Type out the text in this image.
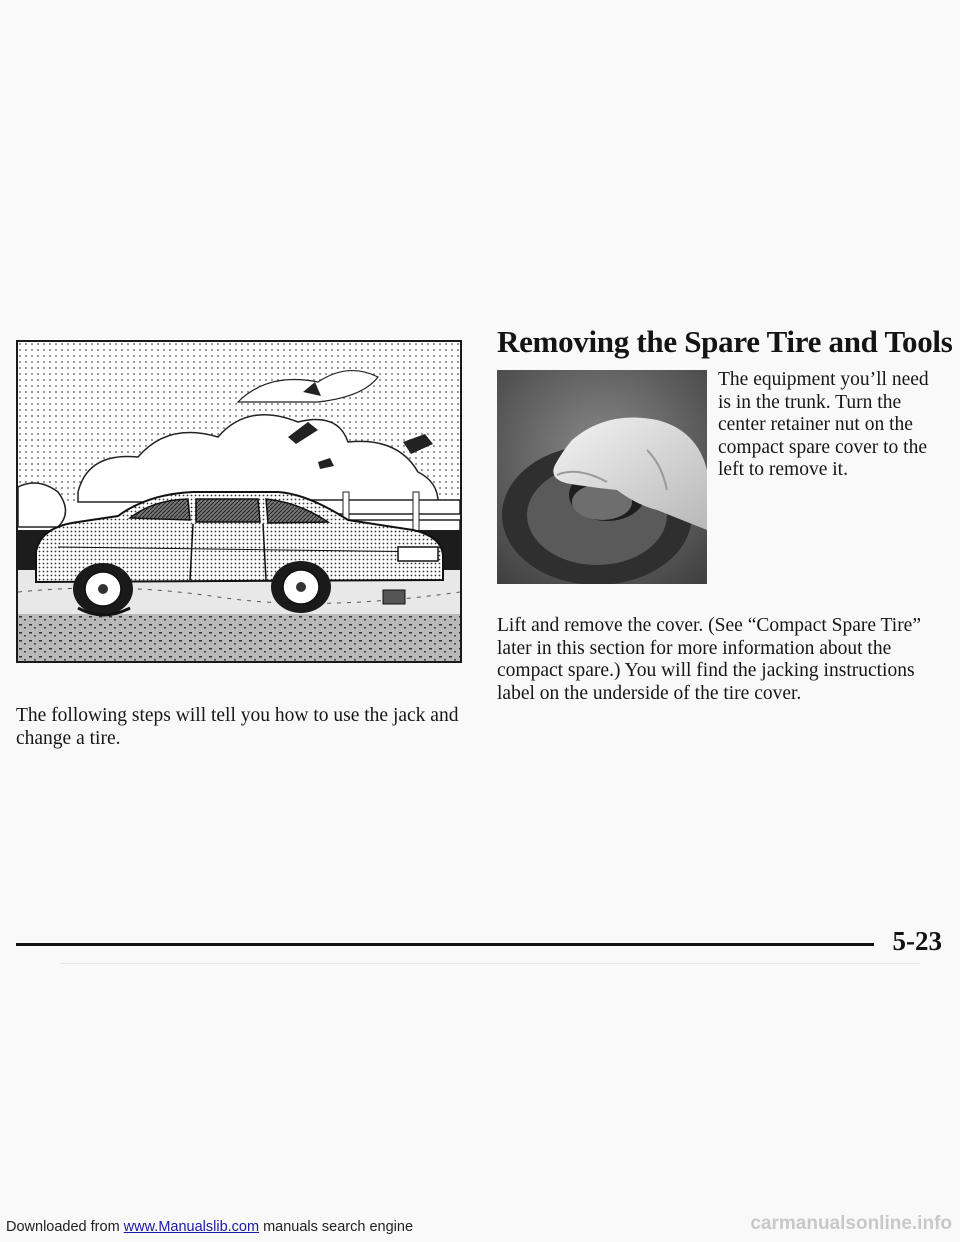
Removing the Spare Tire and Tools
The equipment you’ll need is in the trunk. Turn the center retainer nut on the compact spare cover to the left to remove it.
Lift and remove the cover. (See “Compact Spare Tire” later in this section for more information about the compact spare.) You will find the jacking instructions label on the underside of the tire cover.
The following steps will tell you how to use the jack and change a tire.
5-23
Downloaded from www.Manualslib.com manuals search engine	carmanualsonline.info
